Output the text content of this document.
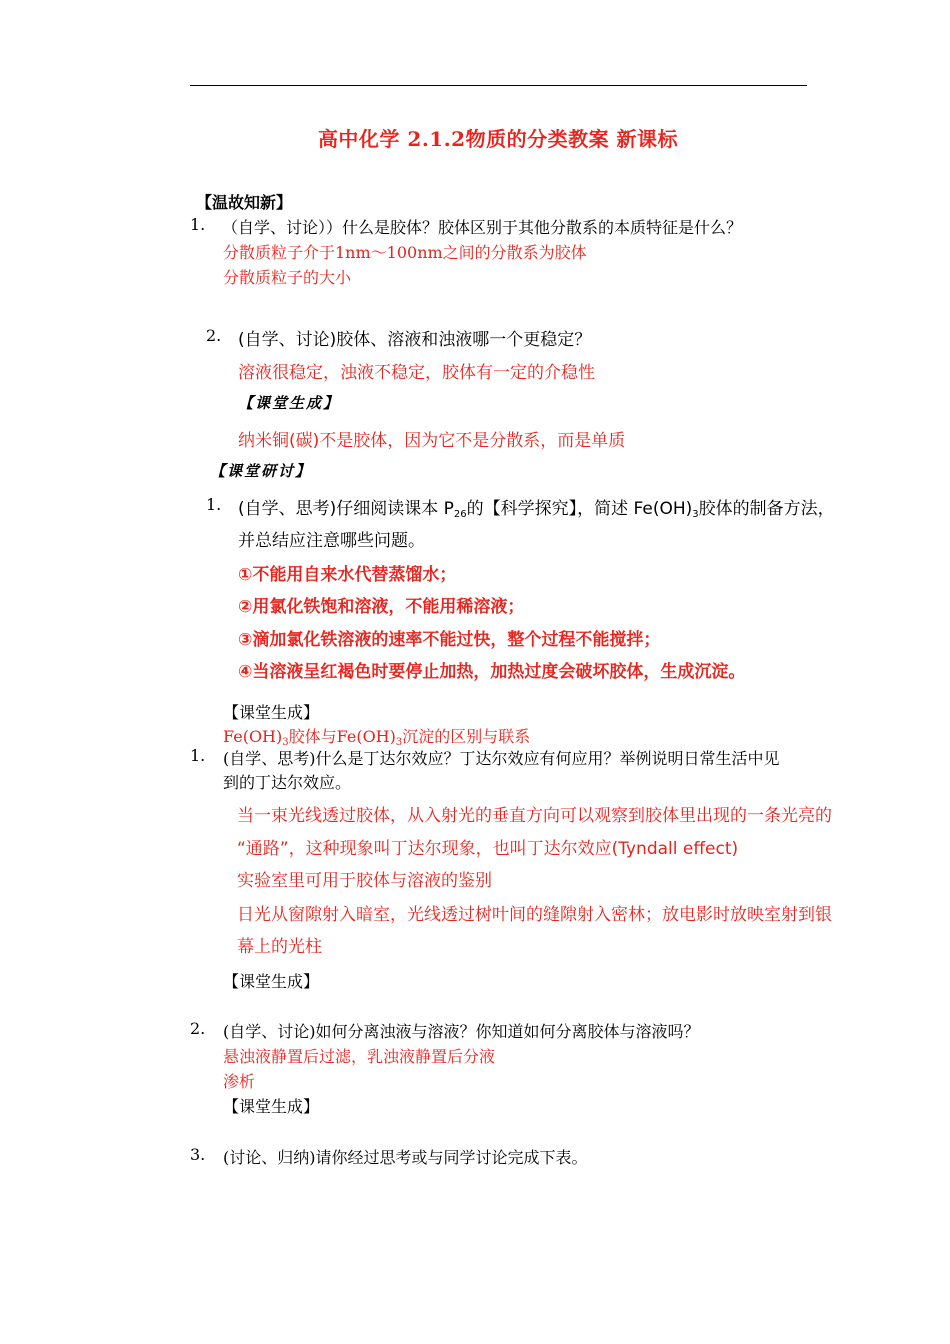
高中化学 2.1.2物质的分类教案 新课标
【温故知新】
1. （自学、讨论））什么是胶体？胶体区别于其他分散系的本质特征是什么？
分散质粒子介于1nm～100nm之间的分散系为胶体
分散质粒子的大小
2. (自学、讨论)胶体、溶液和浊液哪一个更稳定？
溶液很稳定，浊液不稳定，胶体有一定的介稳性
【课堂生成】
纳米铜(碳)不是胶体，因为它不是分散系，而是单质
【课堂研讨】
1. (自学、思考)仔细阅读课本 $P_{26}$的【科学探究】，简述 $Fe(OH)_3$胶体的制备方法，
并总结应注意哪些问题。
①不能用自来水代替蒸馏水；
②用氯化铁饱和溶液，不能用稀溶液；
③滴加氯化铁溶液的速率不能过快，整个过程不能搅拌；
④当溶液呈红褐色时要停止加热，加热过度会破坏胶体，生成沉淀。
【课堂生成】
$Fe(OH)_3$胶体与$Fe(OH)_3$沉淀的区别与联系
1. (自学、思考)什么是丁达尔效应？丁达尔效应有何应用？举例说明日常生活中见
到的丁达尔效应。
当一束光线透过胶体，从入射光的垂直方向可以观察到胶体里出现的一条光亮的
“通路”，这种现象叫丁达尔现象，也叫丁达尔效应(Tyndall effect)
实验室里可用于胶体与溶液的鉴别
日光从窗隙射入暗室，光线透过树叶间的缝隙射入密林；放电影时放映室射到银
幕上的光柱
【课堂生成】
2. (自学、讨论)如何分离浊液与溶液？你知道如何分离胶体与溶液吗？
悬浊液静置后过滤，乳浊液静置后分液
渗析
【课堂生成】
3. (讨论、归纳)请你经过思考或与同学讨论完成下表。
